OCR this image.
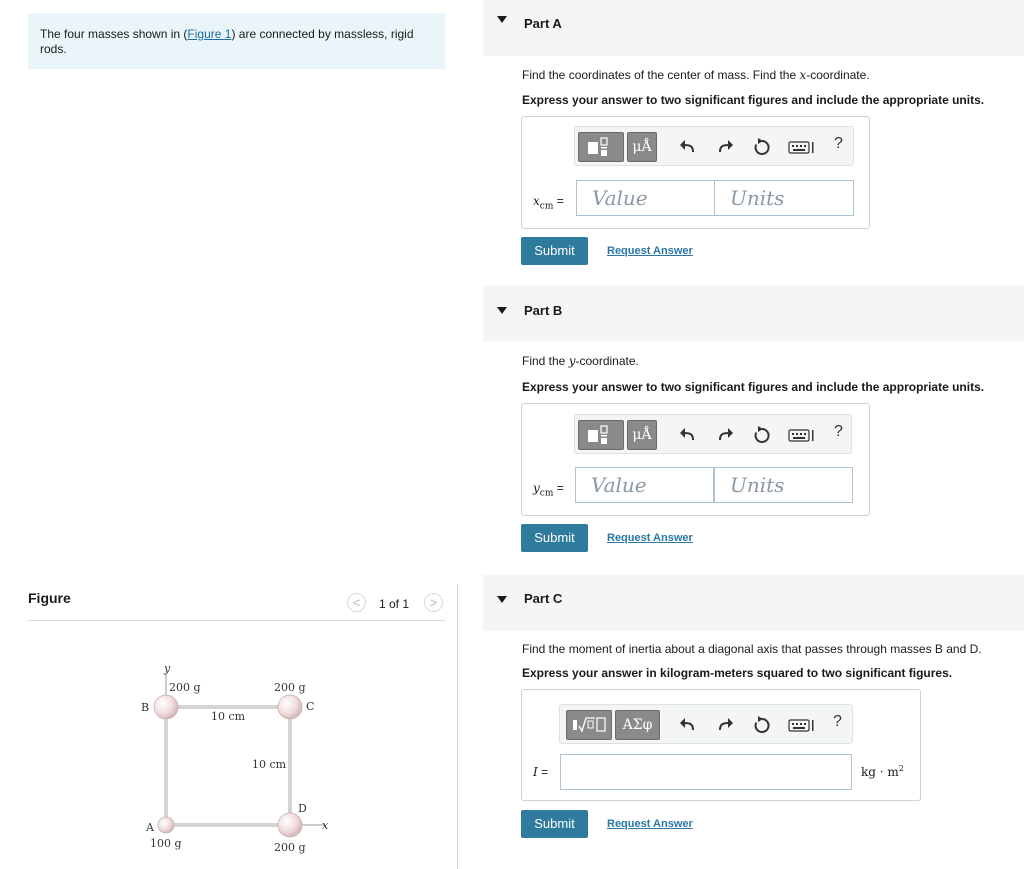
The four masses shown in (Figure 1) are connected by massless, rigid rods.
Figure	<	1 of 1	>
y
x
B	C
D
A
200 g	200 g
100 g	200 g
10 cm
10 cm
Part A
Find the coordinates of the center of mass. Find the x-coordinate.
Express your answer to two significant figures and include the appropriate units.
μÅ	?
$x_{cm}$ =	Value	Units
Submit	Request Answer
Part B
Find the y-coordinate.
Express your answer to two significant figures and include the appropriate units.
μÅ	?
$y_{cm}$ =	Value	Units
Submit	Request Answer
Part C
Find the moment of inertia about a diagonal axis that passes through masses B and D.
Express your answer in kilogram-meters squared to two significant figures.
ΑΣφ	?
I =	kg · $m^2$
Submit	Request Answer
